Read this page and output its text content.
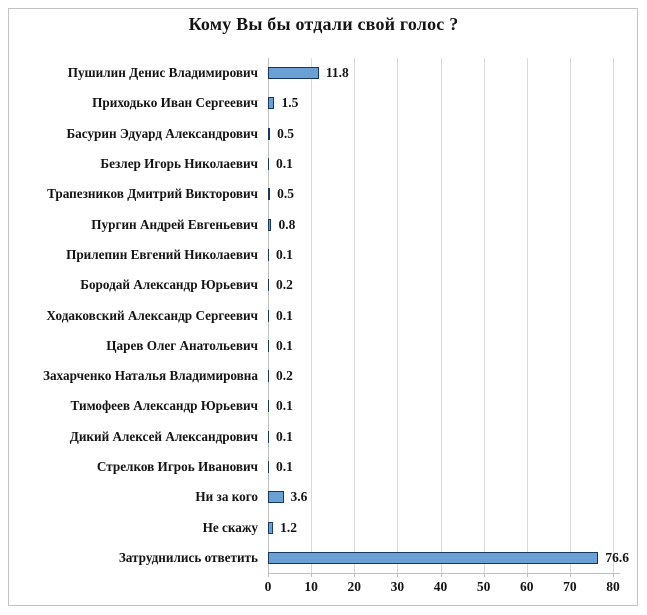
Кому Вы бы отдали свой голос ?
0	10	20	30	40	50	60	70	80
Пушилин Денис Владимирович	11.8
Приходько Иван Сергеевич 1.5
Басурин Эдуард Александрович 0.5
Безлер Игорь Николаевич 0.1
Трапезников Дмитрий Викторович 0.5
Пургин Андрей Евгеньевич 0.8
Прилепин Евгений Николаевич 0.1
Бородай Александр Юрьевич 0.2
Ходаковский Александр Сергеевич 0.1
Царев Олег Анатольевич 0.1
Захарченко Наталья Владимировна 0.2
Тимофеев Александр Юрьевич 0.1
Дикий Алексей Александрович 0.1
Стрелков Игроь Иванович 0.1
Ни за кого 3.6
Не скажу 1.2
Затруднились ответить	76.6
